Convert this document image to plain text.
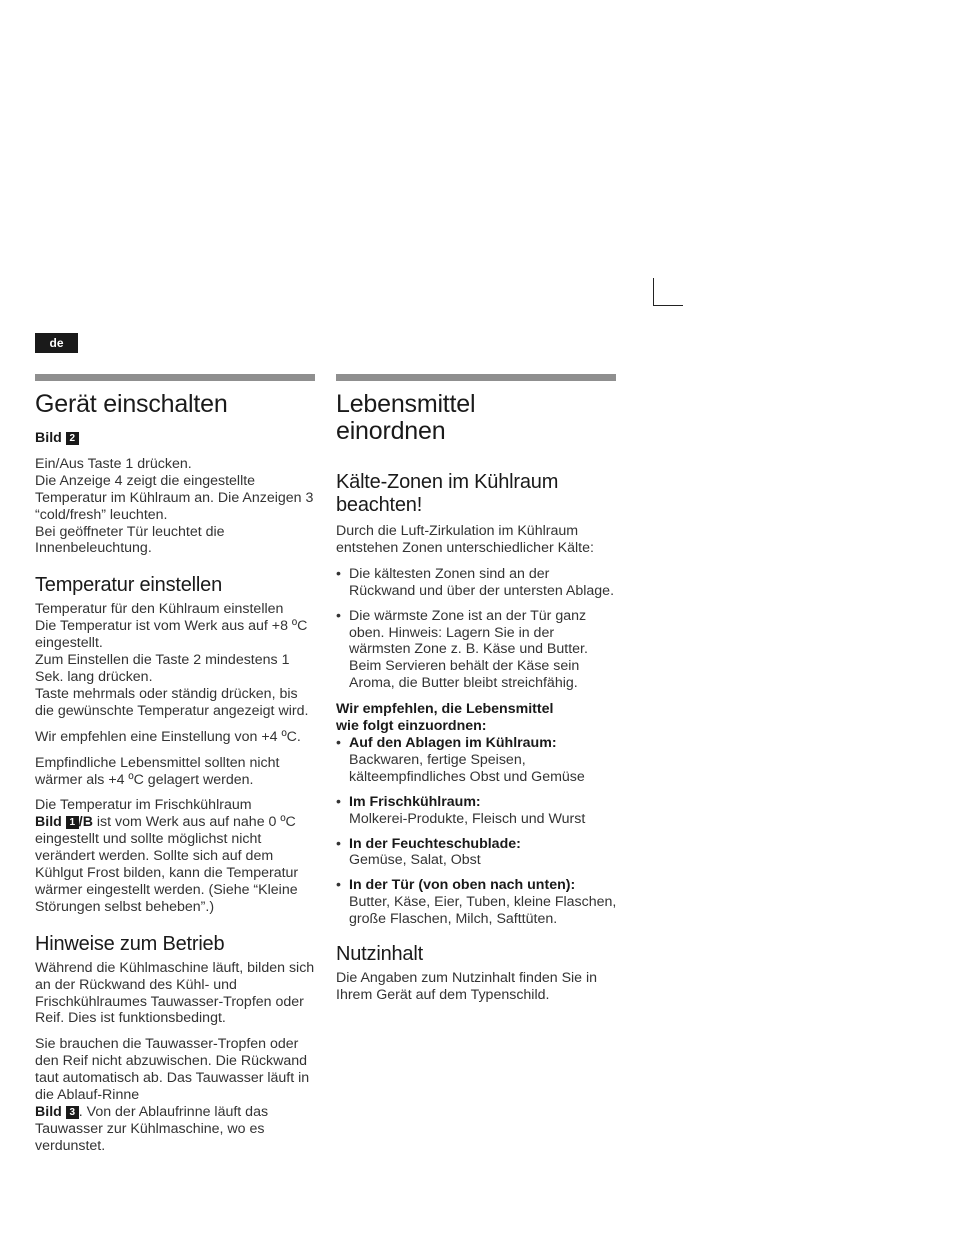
de
Gerät einschalten

Bild 2

Ein/Aus Taste 1 drücken.
Die Anzeige 4 zeigt die eingestellte Temperatur im Kühlraum an. Die Anzeigen 3 “cold/fresh” leuchten.
Bei geöffneter Tür leuchtet die Innenbeleuchtung.

Temperatur einstellen

Temperatur für den Kühlraum einstellen
Die Temperatur ist vom Werk aus auf +8 ºC eingestellt.
Zum Einstellen die Taste 2 mindestens 1 Sek. lang drücken.
Taste mehrmals oder ständig drücken, bis die gewünschte Temperatur angezeigt wird.

Wir empfehlen eine Einstellung von +4 ºC.

Empfindliche Lebensmittel sollten nicht wärmer als +4 ºC gelagert werden.

Die Temperatur im Frischkühlraum
Bild 1 /B ist vom Werk aus auf nahe 0 ºC eingestellt und sollte möglichst nicht verändert werden. Sollte sich auf dem Kühlgut Frost bilden, kann die Temperatur wärmer eingestellt werden. (Siehe “Kleine Störungen selbst beheben”.)

Hinweise zum Betrieb

Während die Kühlmaschine läuft, bilden sich an der Rückwand des Kühl- und Frischkühlraumes Tauwasser-Tropfen oder Reif. Dies ist funktionsbedingt.

Sie brauchen die Tauwasser-Tropfen oder den Reif nicht abzuwischen. Die Rückwand taut automatisch ab. Das Tauwasser läuft in die Ablauf-Rinne
Bild 3 . Von der Ablaufrinne läuft das Tauwasser zur Kühlmaschine, wo es verdunstet.

Lebensmittel einordnen
Kälte-Zonen im Kühlraum beachten!

Durch die Luft-Zirkulation im Kühlraum entstehen Zonen unterschiedlicher Kälte:

• Die kältesten Zonen sind an der Rückwand und über der untersten Ablage.
• Die wärmste Zone ist an der Tür ganz oben. Hinweis: Lagern Sie in der wärmsten Zone z. B. Käse und Butter. Beim Servieren behält der Käse sein Aroma, die Butter bleibt streichfähig.

Wir empfehlen, die Lebensmittel
wie folgt einzuordnen:

• Auf den Ablagen im Kühlraum:
Backwaren, fertige Speisen, kälteempfindliches Obst und Gemüse
• Im Frischkühlraum:
Molkerei-Produkte, Fleisch und Wurst
• In der Feuchteschublade:
Gemüse, Salat, Obst
• In der Tür (von oben nach unten):
Butter, Käse, Eier, Tuben, kleine Flaschen, große Flaschen, Milch, Safttüten.
Nutzinhalt

Die Angaben zum Nutzinhalt finden Sie in Ihrem Gerät auf dem Typenschild.
